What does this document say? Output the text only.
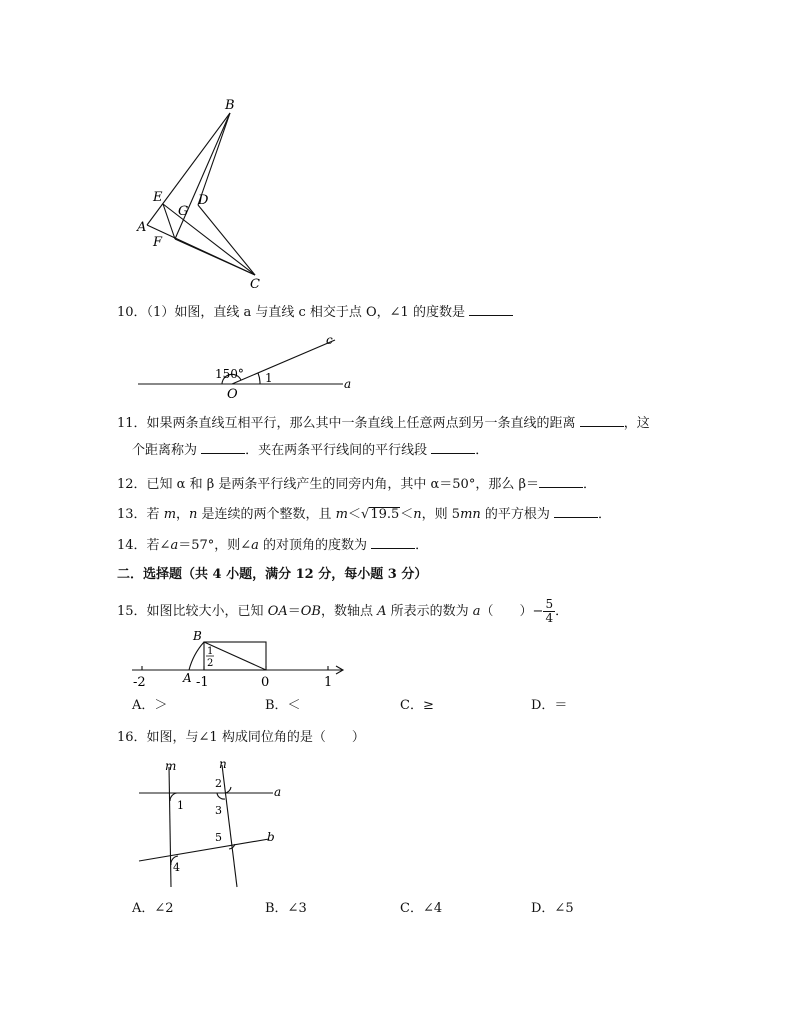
B
E
G
D
A
F
C
10．（1）如图，直线 a 与直线 c 相交于点 O，∠1 的度数是
150° 1
O
a
c
11．如果两条直线互相平行，那么其中一条直线上任意两点到另一条直线的距离	，这
个距离称为	．夹在两条平行线间的平行线段	．
12．已知 α 和 β 是两条平行线产生的同旁内角，其中 α＝50°，那么 β＝	．
13．若 m，n 是连续的两个整数，且 m＜√19.5＜n，则 5mn 的平方根为	．
14．若∠a＝57°，则∠a 的对顶角的度数为	．
二．选择题（共 4 小题，满分 12 分，每小题 3 分）
15．如图比较大小，已知 OA＝OB，数轴点 A 所表示的数为 a（　　）− $\frac{5}{4}$ ．
B
1
2
-2	A -1	0	1
A．＞	B．＜	C．≥	D．＝
16．如图，与∠1 构成同位角的是（　　）
m	n
a
b
1
2
3
4
5
A．∠2	B．∠3	C．∠4	D．∠5
